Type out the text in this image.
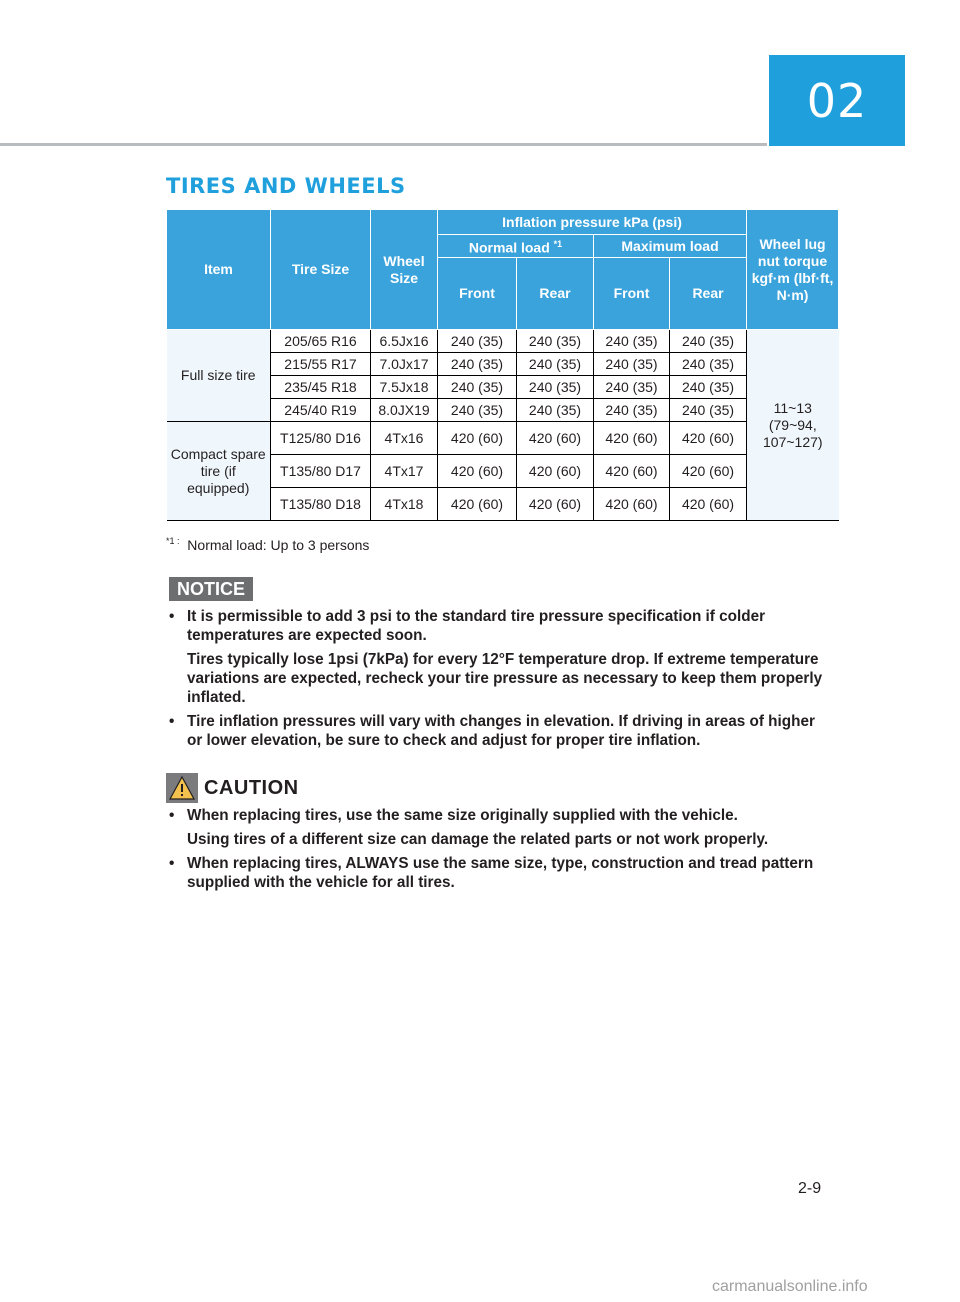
02
TIRES AND WHEELS
Item	Tire Size	Wheel Size	Inflation pressure kPa (psi)				Wheel lug nut torque kgf·m (lbf·ft, N·m)
			Normal load $^{*1}$		Maximum load		
			Front	Rear	Front	Rear	
Full size tire	205/65 R16	6.5Jx16	240 (35)	240 (35)	240 (35)	240 (35)	11~13 (79~94, 107~127)
	215/55 R17	7.0Jx17	240 (35)	240 (35)	240 (35)	240 (35)	
	235/45 R18	7.5Jx18	240 (35)	240 (35)	240 (35)	240 (35)	
	245/40 R19	8.0JX19	240 (35)	240 (35)	240 (35)	240 (35)	
Compact spare tire (if equipped)	T125/80 D16	4Tx16	420 (60)	420 (60)	420 (60)	420 (60)	
	T135/80 D17	4Tx17	420 (60)	420 (60)	420 (60)	420 (60)	
	T135/80 D18	4Tx18	420 (60)	420 (60)	420 (60)	420 (60)	
$^{*1 :}$ Normal load: Up to 3 persons
NOTICE
• It is permissible to add 3 psi to the standard tire pressure specification if colder temperatures are expected soon.

Tires typically lose 1psi (7kPa) for every 12°F temperature drop. If extreme temperature variations are expected, recheck your tire pressure as necessary to keep them properly inflated.

• Tire inflation pressures will vary with changes in elevation. If driving in areas of higher or lower elevation, be sure to check and adjust for proper tire inflation.

CAUTION
• When replacing tires, use the same size originally supplied with the vehicle.

Using tires of a different size can damage the related parts or not work properly.

• When replacing tires, ALWAYS use the same size, type, construction and tread pattern supplied with the vehicle for all tires.

2-9
carmanualsonline.info
